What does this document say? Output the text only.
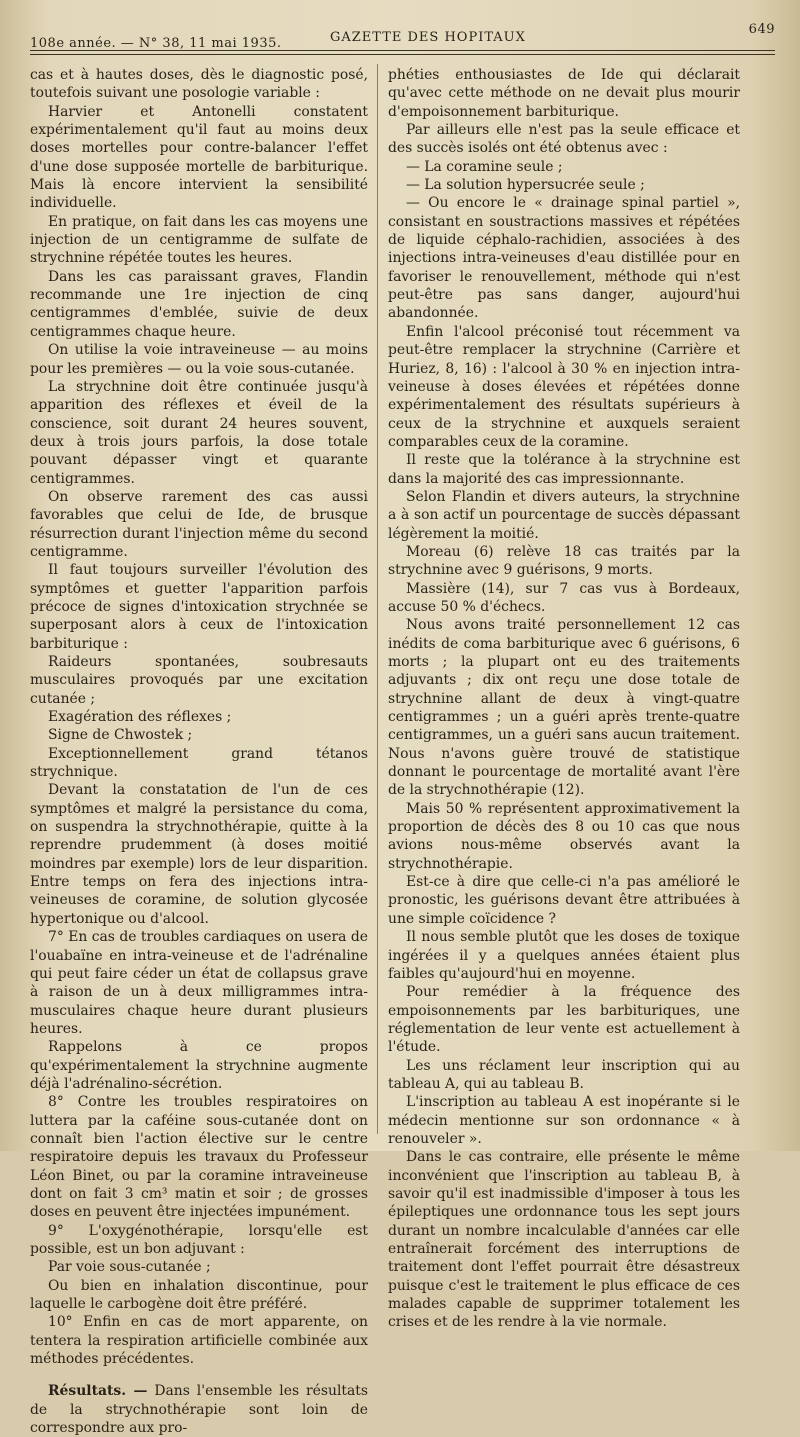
108e année. — N° 38, 11 mai 1935.	GAZETTE DES HOPITAUX
649

cas et à hautes doses, dès le diagnostic posé, toutefois suivant une posologie variable :

Harvier et Antonelli constatent expérimentalement qu'il faut au moins deux doses mortelles pour contre-balancer l'effet d'une dose supposée mortelle de barbiturique. Mais là encore intervient la sensibilité individuelle.

En pratique, on fait dans les cas moyens une injection de un centigramme de sulfate de strychnine répétée toutes les heures.

Dans les cas paraissant graves, Flandin recommande une 1re injection de cinq centigrammes d'emblée, suivie de deux centigrammes chaque heure.

On utilise la voie intraveineuse — au moins pour les premières — ou la voie sous-cutanée.

La strychnine doit être continuée jusqu'à apparition des réflexes et éveil de la conscience, soit durant 24 heures souvent, deux à trois jours parfois, la dose totale pouvant dépasser vingt et quarante centigrammes.

On observe rarement des cas aussi favorables que celui de Ide, de brusque résurrection durant l'injection même du second centigramme.

Il faut toujours surveiller l'évolution des symptômes et guetter l'apparition parfois précoce de signes d'intoxication strychnée se superposant alors à ceux de l'intoxication barbiturique :

Raideurs spontanées, soubresauts musculaires provoqués par une excitation cutanée ;

Exagération des réflexes ;

Signe de Chwostek ;

Exceptionnellement grand tétanos strychnique.

Devant la constatation de l'un de ces symptômes et malgré la persistance du coma, on suspendra la strychnothérapie, quitte à la reprendre prudemment (à doses moitié moindres par exemple) lors de leur disparition. Entre temps on fera des injections intra-veineuses de coramine, de solution glycosée hypertonique ou d'alcool.

7° En cas de troubles cardiaques on usera de l'ouabaïne en intra-veineuse et de l'adrénaline qui peut faire céder un état de collapsus grave à raison de un à deux milligrammes intra-musculaires chaque heure durant plusieurs heures.

Rappelons à ce propos qu'expérimentalement la strychnine augmente déjà l'adrénalino-sécrétion.

8° Contre les troubles respiratoires on luttera par la caféine sous-cutanée dont on connaît bien l'action élective sur le centre respiratoire depuis les travaux du Professeur Léon Binet, ou par la coramine intraveineuse dont on fait 3 cm³ matin et soir ; de grosses doses en peuvent être injectées impunément.

9° L'oxygénothérapie, lorsqu'elle est possible, est un bon adjuvant :

Par voie sous-cutanée ;

Ou bien en inhalation discontinue, pour laquelle le carbogène doit être préféré.

10° Enfin en cas de mort apparente, on tentera la respiration artificielle combinée aux méthodes précédentes.

Résultats. — Dans l'ensemble les résultats de la strychnothérapie sont loin de correspondre aux pro-

phéties enthousiastes de Ide qui déclarait qu'avec cette méthode on ne devait plus mourir d'empoisonnement barbiturique.

Par ailleurs elle n'est pas la seule efficace et des succès isolés ont été obtenus avec :

— La coramine seule ;

— La solution hypersucrée seule ;

— Ou encore le « drainage spinal partiel », consistant en soustractions massives et répétées de liquide céphalo-rachidien, associées à des injections intra-veineuses d'eau distillée pour en favoriser le renouvellement, méthode qui n'est peut-être pas sans danger, aujourd'hui abandonnée.

Enfin l'alcool préconisé tout récemment va peut-être remplacer la strychnine (Carrière et Huriez, 8, 16) : l'alcool à 30 % en injection intra-veineuse à doses élevées et répétées donne expérimentalement des résultats supérieurs à ceux de la strychnine et auxquels seraient comparables ceux de la coramine.

Il reste que la tolérance à la strychnine est dans la majorité des cas impressionnante.

Selon Flandin et divers auteurs, la strychnine a à son actif un pourcentage de succès dépassant légèrement la moitié.

Moreau (6) relève 18 cas traités par la strychnine avec 9 guérisons, 9 morts.

Massière (14), sur 7 cas vus à Bordeaux, accuse 50 % d'échecs.

Nous avons traité personnellement 12 cas inédits de coma barbiturique avec 6 guérisons, 6 morts ; la plupart ont eu des traitements adjuvants ; dix ont reçu une dose totale de strychnine allant de deux à vingt-quatre centigrammes ; un a guéri après trente-quatre centigrammes, un a guéri sans aucun traitement. Nous n'avons guère trouvé de statistique donnant le pourcentage de mortalité avant l'ère de la strychnothérapie (12).

Mais 50 % représentent approximativement la proportion de décès des 8 ou 10 cas que nous avions nous-même observés avant la strychnothérapie.

Est-ce à dire que celle-ci n'a pas amélioré le pronostic, les guérisons devant être attribuées à une simple coïcidence ?

Il nous semble plutôt que les doses de toxique ingérées il y a quelques années étaient plus faibles qu'aujourd'hui en moyenne.

Pour remédier à la fréquence des empoisonnements par les barbituriques, une réglementation de leur vente est actuellement à l'étude.

Les uns réclament leur inscription qui au tableau A, qui au tableau B.

L'inscription au tableau A est inopérante si le médecin mentionne sur son ordonnance « à renouveler ».

Dans le cas contraire, elle présente le même inconvénient que l'inscription au tableau B, à savoir qu'il est inadmissible d'imposer à tous les épileptiques une ordonnance tous les sept jours durant un nombre incalculable d'années car elle entraînerait forcément des interruptions de traitement dont l'effet pourrait être désastreux puisque c'est le traitement le plus efficace de ces malades capable de supprimer totalement les crises et de les rendre à la vie normale.
